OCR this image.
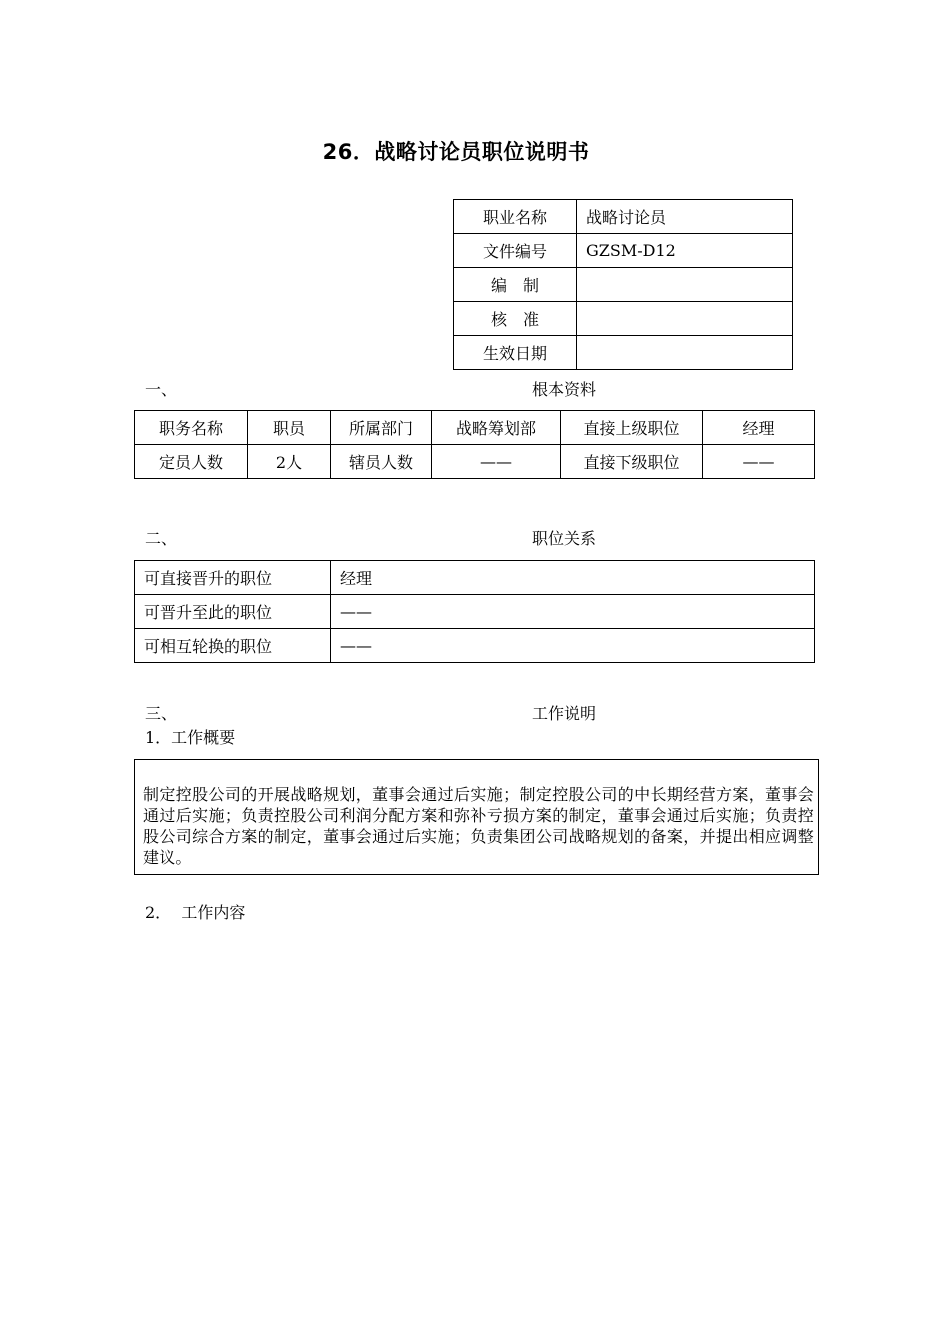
26．战略讨论员职位说明书
职业名称	战略讨论员
文件编号	GZSM-D12
编　制	
核　准	
生效日期	
一、	根本资料
职务名称	职员	所属部门	战略筹划部	直接上级职位	经理
定员人数	2人	辖员人数	——	直接下级职位	——
二、	职位关系
可直接晋升的职位	经理
可晋升至此的职位	——
可相互轮换的职位	——
三、	工作说明
1．工作概要
制定控股公司的开展战略规划，董事会通过后实施；制定控股公司的中长期经营方案，董事会通过后实施；负责控股公司利润分配方案和弥补亏损方案的制定，董事会通过后实施；负责控股公司综合方案的制定，董事会通过后实施；负责集团公司战略规划的备案，并提出相应调整建议。
2．  工作内容
